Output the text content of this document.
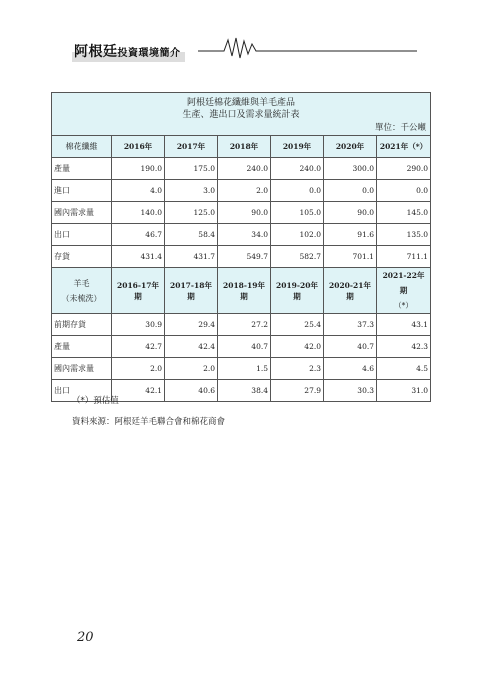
阿根廷投資環境簡介
阿根廷棉花纖維與羊毛產品
生產、進出口及需求量統計表
單位：千公噸						

棉花纖維	2016年	2017年	2018年	2019年	2020年	2021年（*）
產量	190.0	175.0	240.0	240.0	300.0	290.0
進口	4.0	3.0	2.0	0.0	0.0	0.0
國內需求量	140.0	125.0	90.0	105.0	90.0	145.0
出口	46.7	58.4	34.0	102.0	91.6	135.0
存貨	431.4	431.7	549.7	582.7	701.1	711.1

羊毛
（未梳洗）	2016-17年期	2017-18年期	2018-19年期	2019-20年期	2020-21年期	2021-22年期
（*）

前期存貨	30.9	29.4	27.2	25.4	37.3	43.1
產量	42.7	42.4	40.7	42.0	40.7	42.3
國內需求量	2.0	2.0	1.5	2.3	4.6	4.5
出口	42.1	40.6	38.4	27.9	30.3	31.0
（*）預估值
資料來源：阿根廷羊毛聯合會和棉花商會
20
